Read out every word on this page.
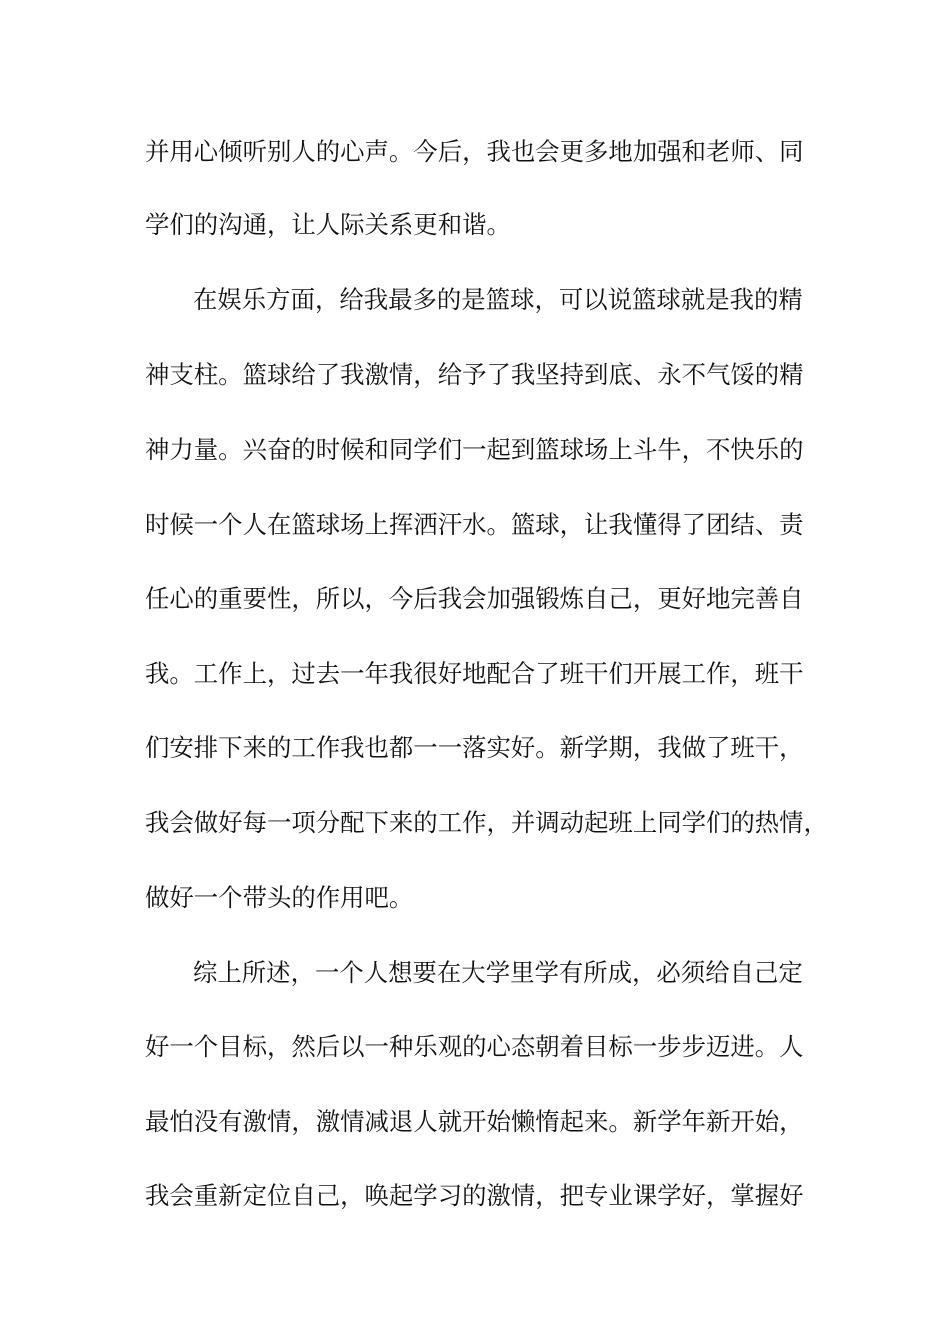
并用心倾听别人的心声。今后，我也会更多地加强和老师、同
学们的沟通，让人际关系更和谐。
在娱乐方面，给我最多的是篮球，可以说篮球就是我的精
神支柱。篮球给了我激情，给予了我坚持到底、永不气馁的精
神力量。兴奋的时候和同学们一起到篮球场上斗牛，不快乐的
时候一个人在篮球场上挥洒汗水。篮球，让我懂得了团结、责
任心的重要性，所以，今后我会加强锻炼自己，更好地完善自
我。工作上，过去一年我很好地配合了班干们开展工作，班干
们安排下来的工作我也都一一落实好。新学期，我做了班干，
我会做好每一项分配下来的工作，并调动起班上同学们的热情，
做好一个带头的作用吧。
综上所述，一个人想要在大学里学有所成，必须给自己定
好一个目标，然后以一种乐观的心态朝着目标一步步迈进。人
最怕没有激情，激情减退人就开始懒惰起来。新学年新开始，
我会重新定位自己，唤起学习的激情，把专业课学好，掌握好
